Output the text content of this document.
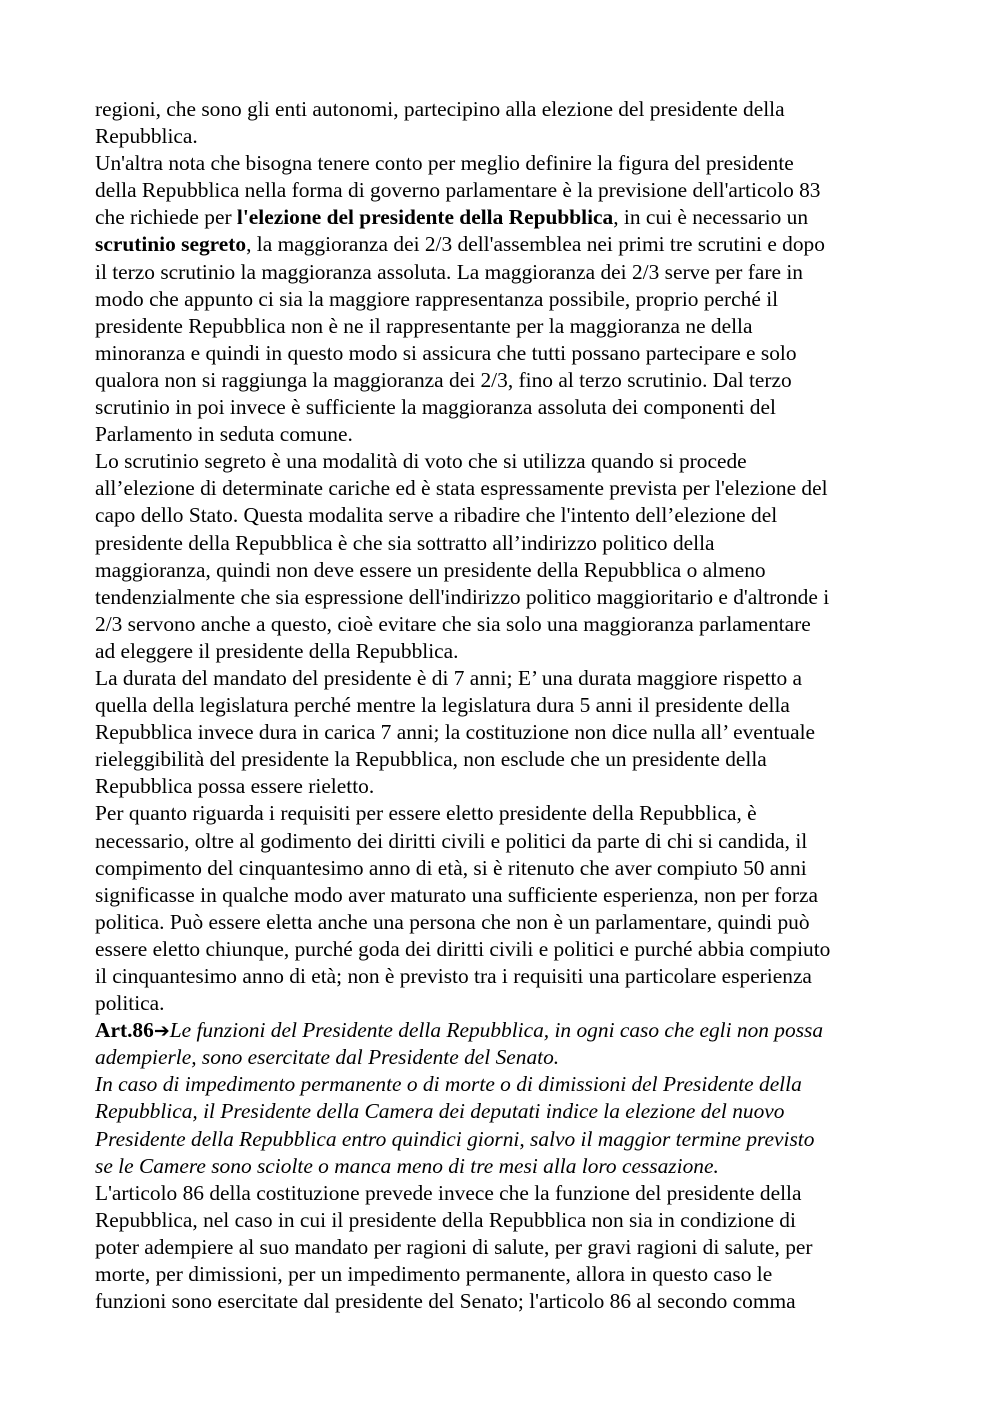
regioni, che sono gli enti autonomi, partecipino alla elezione del presidente della
Repubblica.
Un'altra nota che bisogna tenere conto per meglio definire la figura del presidente
della Repubblica nella forma di governo parlamentare è la previsione dell'articolo 83
che richiede per l'elezione del presidente della Repubblica, in cui è necessario un
scrutinio segreto, la maggioranza dei 2/3 dell'assemblea nei primi tre scrutini e dopo
il terzo scrutinio la maggioranza assoluta. La maggioranza dei 2/3 serve per fare in
modo che appunto ci sia la maggiore rappresentanza possibile, proprio perché il
presidente Repubblica non è ne il rappresentante per la maggioranza ne della
minoranza e quindi in questo modo si assicura che tutti possano partecipare e solo
qualora non si raggiunga la maggioranza dei 2/3, fino al terzo scrutinio. Dal terzo
scrutinio in poi invece è sufficiente la maggioranza assoluta dei componenti del
Parlamento in seduta comune.
Lo scrutinio segreto è una modalità di voto che si utilizza quando si procede
all’elezione di determinate cariche ed è stata espressamente prevista per l'elezione del
capo dello Stato. Questa modalita serve a ribadire che l'intento dell’elezione del
presidente della Repubblica è che sia sottratto all’indirizzo politico della
maggioranza, quindi non deve essere un presidente della Repubblica o almeno
tendenzialmente che sia espressione dell'indirizzo politico maggioritario e d'altronde i
2/3 servono anche a questo, cioè evitare che sia solo una maggioranza parlamentare
ad eleggere il presidente della Repubblica.
La durata del mandato del presidente è di 7 anni; E’ una durata maggiore rispetto a
quella della legislatura perché mentre la legislatura dura 5 anni il presidente della
Repubblica invece dura in carica 7 anni; la costituzione non dice nulla all’ eventuale
rieleggibilità del presidente la Repubblica, non esclude che un presidente della
Repubblica possa essere rieletto.
Per quanto riguarda i requisiti per essere eletto presidente della Repubblica, è
necessario, oltre al godimento dei diritti civili e politici da parte di chi si candida, il
compimento del cinquantesimo anno di età, si è ritenuto che aver compiuto 50 anni
significasse in qualche modo aver maturato una sufficiente esperienza, non per forza
politica. Può essere eletta anche una persona che non è un parlamentare, quindi può
essere eletto chiunque, purché goda dei diritti civili e politici e purché abbia compiuto
il cinquantesimo anno di età; non è previsto tra i requisiti una particolare esperienza
politica.
Art.86➔Le funzioni del Presidente della Repubblica, in ogni caso che egli non possa
adempierle, sono esercitate dal Presidente del Senato.
In caso di impedimento permanente o di morte o di dimissioni del Presidente della
Repubblica, il Presidente della Camera dei deputati indice la elezione del nuovo
Presidente della Repubblica entro quindici giorni, salvo il maggior termine previsto
se le Camere sono sciolte o manca meno di tre mesi alla loro cessazione.
L'articolo 86 della costituzione prevede invece che la funzione del presidente della
Repubblica, nel caso in cui il presidente della Repubblica non sia in condizione di
poter adempiere al suo mandato per ragioni di salute, per gravi ragioni di salute, per
morte, per dimissioni, per un impedimento permanente, allora in questo caso le
funzioni sono esercitate dal presidente del Senato; l'articolo 86 al secondo comma
